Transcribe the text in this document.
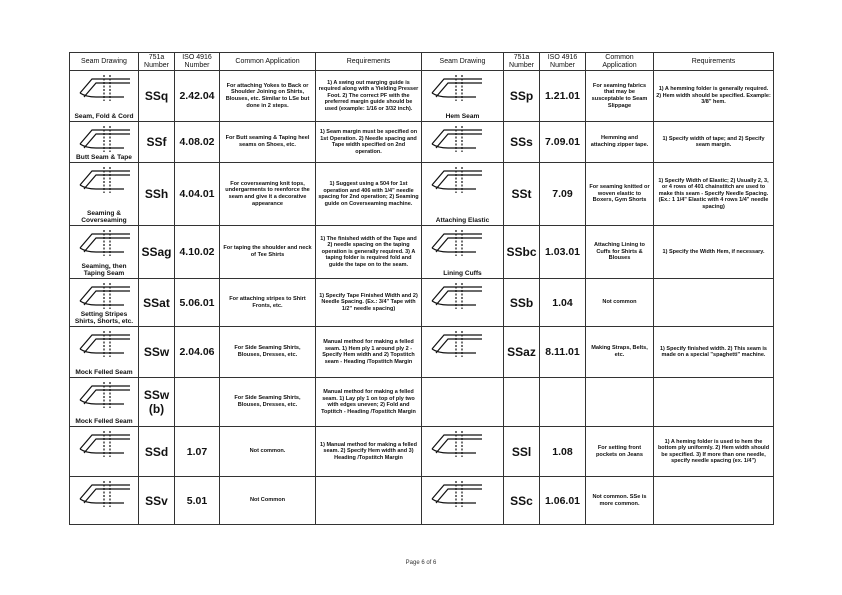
Seam Drawing	751a Number	ISO 4916 Number	Common Application	Requirements	Seam Drawing	751a Number	ISO 4916 Number	Common Application	Requirements

Seam, Fold & Cord	SSq	2.42.04	For attaching Yokes to Back or Shoulder Joining on Shirts, Blouses, etc. Similar to LSe but done in 2 steps.	1) A swing out marging guide is required along with a Yielding Presser Foot. 2) The correct PF with the preferred margin guide should be used (example: 1/16 or 3/32 inch).	Hem Seam	SSp	1.21.01	For seaming fabrics that may be susceptable to Seam Slippage	1) A hemming folder is generally required. 2) Hem width should be specified. Example: 3/8" hem.

Butt Seam & Tape	SSf	4.08.02	For Butt seaming & Taping heel seams on Shoes, etc.	1) Seam margin must be specified on 1st Operation. 2) Needle spacing and Tape width specified on 2nd operation.		SSs	7.09.01	Hemming and attaching zipper tape.	1) Specify width of tape; and 2) Specify seam margin.

Seaming & Coverseaming	SSh	4.04.01	For coverseaming knit tops, undergarments to reenforce the seam and give it a decorative appearance	1) Suggest using a 504 for 1st operation and 406 with 1/4" needle spacing for 2nd operation; 2) Seaming guide on Coverseaming machine.	Attaching Elastic	SSt	7.09	For seaming knitted or woven elastic to Boxers, Gym Shorts	1) Specify Width of Elastic; 2) Usually 2, 3, or 4 rows of 401 chainstitch are used to make this seam - Specify Needle Spacing. (Ex.: 1 1/4" Elastic with 4 rows 1/4" needle spacing)

Seaming, then Taping Seam	SSag	4.10.02	For taping the shoulder and neck of Tee Shirts	1) The finished width of the Tape and 2) needle spacing on the taping operation is generally required. 3) A taping folder is required fold and guide the tape on to the seam.	Lining Cuffs	SSbc	1.03.01	Attaching Lining to Cuffs for Shirts & Blouses	1) Specify the Width Hem, if necessary.

Setting Stripes Shirts, Shorts, etc.	SSat	5.06.01	For attaching stripes to Shirt Fronts, etc.	1) Specify Tape Finished Width and 2) Needle Spacing. (Ex.: 3/4" Tape with 1/2" needle spacing)		SSb	1.04	Not common	

Mock Felled Seam	SSw	2.04.06	For Side Seaming Shirts, Blouses, Dresses, etc.	Manual method for making a felled seam. 1) Hem ply 1 around ply 2 - Specify Hem width and 2) Topstitch seam - Heading /Topstitch Margin		SSaz	8.11.01	Making Straps, Belts, etc.	1) Specify finished width. 2) This seam is made on a special "spaghetti" machine.

Mock Felled Seam	SSw (b)		For Side Seaming Shirts, Blouses, Dresses, etc.	Manual method for making a felled seam. 1) Lay ply 1 on top of ply two with edges uneven; 2) Fold and Toptitch - Heading /Topstitch Margin					

	SSd	1.07	Not common.	1) Manual method for making a felled seam. 2) Specify Hem width and 3) Heading /Topstitch Margin		SSl	1.08	For setting front pockets on Jeans	1) A heming folder is used to hem the bottom ply uniformly. 2) Hem width should be specified. 3) If more than one needle, specify needle spacing (ex. 1/4")

	SSv	5.01	Not Common			SSc	1.06.01	Not common. SSe is more common.	
Page 6 of 6
